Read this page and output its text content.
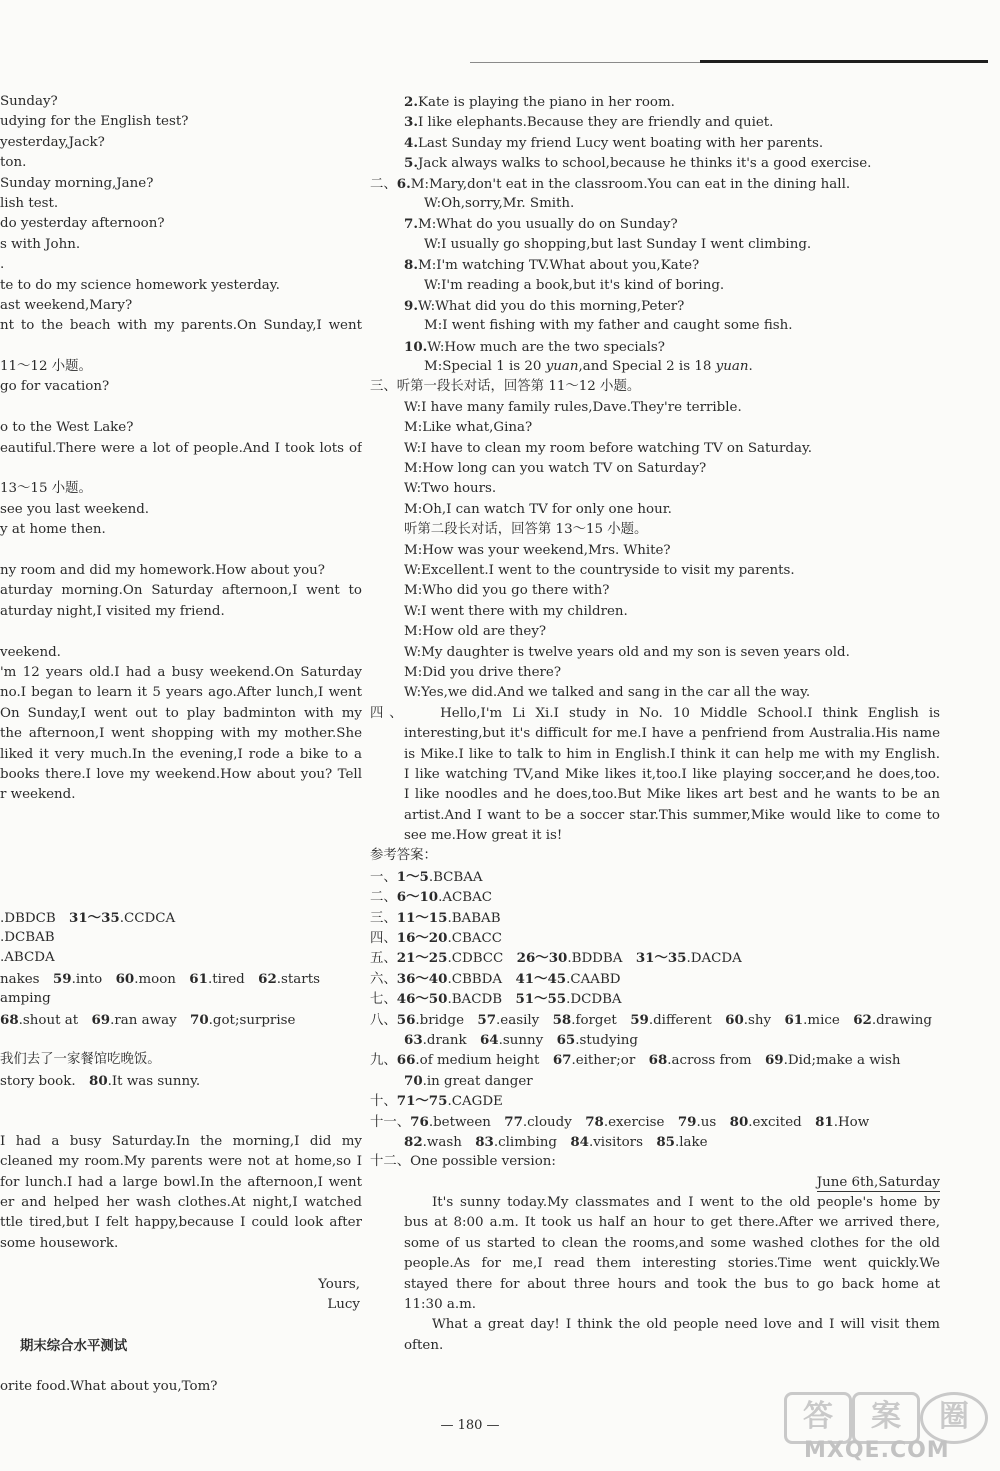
Sunday?
udying for the English test?
yesterday,Jack?
ton.
Sunday morning,Jane?
lish test.
do yesterday afternoon?
s with John.
.
te to do my science homework yesterday.
ast weekend,Mary?
nt to the beach with my parents.On Sunday,I went
11～12 小题。
go for vacation?
o to the West Lake?
eautiful.There were a lot of people.And I took lots of
13～15 小题。
see you last weekend.
y at home then.
ny room and did my homework.How about you?
aturday morning.On Saturday afternoon,I went to
aturday night,I visited my friend.
veekend.
'm 12 years old.I had a busy weekend.On Saturday
no.I began to learn it 5 years ago.After lunch,I went
On Sunday,I went out to play badminton with my
the afternoon,I went shopping with my mother.She
liked it very much.In the evening,I rode a bike to a
books there.I love my weekend.How about you? Tell
r weekend.
.DBDCB　31～35.CCDCA
.DCBAB
.ABCDA
nakes　59.into　60.moon　61.tired　62.starts
amping
68.shout at　69.ran away　70.got;surprise
我们去了一家餐馆吃晚饭。
story book.　80.It was sunny.
I had a busy Saturday.In the morning,I did my
cleaned my room.My parents were not at home,so I
for lunch.I had a large bowl.In the afternoon,I went
er and helped her wash clothes.At night,I watched
ttle tired,but I felt happy,because I could look after
some housework.
Yours,
Lucy
期末综合水平测试
orite food.What about you,Tom?
2.Kate is playing the piano in her room.
3.I like elephants.Because they are friendly and quiet.
4.Last Sunday my friend Lucy went boating with her parents.
5.Jack always walks to school,because he thinks it's a good exercise.
二、6.M:Mary,don't eat in the classroom.You can eat in the dining hall.
W:Oh,sorry,Mr. Smith.
7.M:What do you usually do on Sunday?
W:I usually go shopping,but last Sunday I went climbing.
8.M:I'm watching TV.What about you,Kate?
W:I'm reading a book,but it's kind of boring.
9.W:What did you do this morning,Peter?
M:I went fishing with my father and caught some fish.
10.W:How much are the two specials?
M:Special 1 is 20 yuan,and Special 2 is 18 yuan.
三、听第一段长对话，回答第 11～12 小题。
W:I have many family rules,Dave.They're terrible.
M:Like what,Gina?
W:I have to clean my room before watching TV on Saturday.
M:How long can you watch TV on Saturday?
W:Two hours.
M:Oh,I can watch TV for only one hour.
听第二段长对话，回答第 13～15 小题。
M:How was your weekend,Mrs. White?
W:Excellent.I went to the countryside to visit my parents.
M:Who did you go there with?
W:I went there with my children.
M:How old are they?
W:My daughter is twelve years old and my son is seven years old.
M:Did you drive there?
W:Yes,we did.And we talked and sang in the car all the way.
四、　　Hello,I'm Li Xi.I study in No. 10 Middle School.I think English is
interesting,but it's difficult for me.I have a penfriend from Australia.His name
is Mike.I like to talk to him in English.I think it can help me with my English.
I like watching TV,and Mike likes it,too.I like playing soccer,and he does,too.
I like noodles and he does,too.But Mike likes art best and he wants to be an
artist.And I want to be a soccer star.This summer,Mike would like to come to
see me.How great it is!
参考答案：
一、1～5.BCBAA
二、6～10.ACBAC
三、11～15.BABAB
四、16～20.CBACC
五、21～25.CDBCC　26～30.BDDBA　31～35.DACDA
六、36～40.CBBDA　41～45.CAABD
七、46～50.BACDB　51～55.DCDBA
八、56.bridge　57.easily　58.forget　59.different　60.shy　61.mice　62.drawing
63.drank　64.sunny　65.studying
九、66.of medium height　67.either;or　68.across from　69.Did;make a wish
70.in great danger
十、71～75.CAGDE
十一、76.between　77.cloudy　78.exercise　79.us　80.excited　81.How
82.wash　83.climbing　84.visitors　85.lake
十二、One possible version:
June 6th,Saturday
It's sunny today.My classmates and I went to the old people's home by
bus at 8:00 a.m. It took us half an hour to get there.After we arrived there,
some of us started to clean the rooms,and some washed clothes for the old
people.As for me,I read them interesting stories.Time went quickly.We
stayed there for about three hours and took the bus to go back home at
11:30 a.m.
What a great day! I think the old people need love and I will visit them
often.
— 180 —	答	案	圈
MXQE.COM
